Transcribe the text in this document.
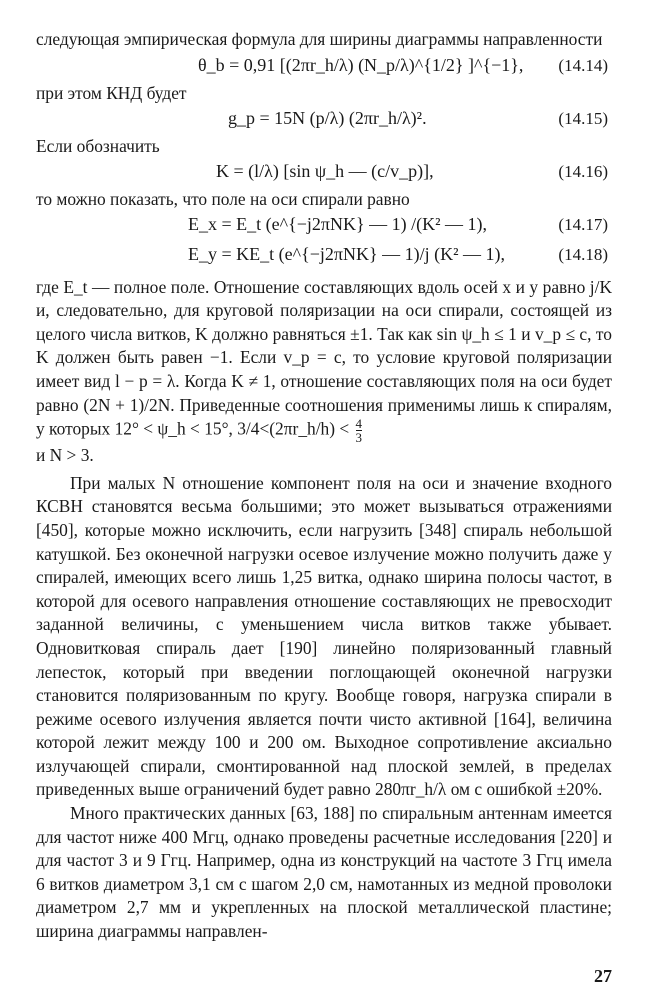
следующая эмпирическая формула для ширины диаграммы направленности

θ_b = 0,91 [(2πr_h/λ) (N_p/λ)^{1/2} ]^{−1}, (14.14)

при этом КНД будет

g_p = 15N (p/λ) (2πr_h/λ)².	(14.15)

Если обозначить

K = (l/λ) [sin ψ_h — (c/v_p)],	(14.16)

то можно показать, что поле на оси спирали равно

E_x = E_t (e^{−j2πNK} — 1) /(K² — 1),	(14.17)
E_y = KE_t (e^{−j2πNK} — 1)/j (K² — 1),	(14.18)

где E_t — полное поле. Отношение составляющих вдоль осей x и y равно j/K и, следовательно, для круговой поляризации на оси спирали, состоящей из целого числа витков, K должно равняться ±1. Так как sin ψ_h ≤ 1 и v_p ≤ c, то K должен быть равен −1. Если v_p = c, то условие круговой поляризации имеет вид l − p = λ. Когда K ≠ 1, отношение составляющих поля на оси будет равно (2N + 1)/2N. Приведенные соотношения применимы лишь к спиралям, у которых 12° < ψ_h < 15°, 3/4<(2πr_h/h) < $\frac{4}{3}$

и N > 3.

При малых N отношение компонент поля на оси и значение входного КСВН становятся весьма большими; это может вызываться отражениями [450], которые можно исключить, если нагрузить [348] спираль небольшой катушкой. Без оконечной нагрузки осевое излучение можно получить даже у спиралей, имеющих всего лишь 1,25 витка, однако ширина полосы частот, в которой для осевого направления отношение составляющих не превосходит заданной величины, с уменьшением числа витков также убывает. Одновитковая спираль дает [190] линейно поляризованный главный лепесток, который при введении поглощающей оконечной нагрузки становится поляризованным по кругу. Вообще говоря, нагрузка спирали в режиме осевого излучения является почти чисто активной [164], величина которой лежит между 100 и 200 ом. Выходное сопротивление аксиально излучающей спирали, смонтированной над плоской землей, в пределах приведенных выше ограничений будет равно 280πr_h/λ ом с ошибкой ±20%.

Много практических данных [63, 188] по спиральным антеннам имеется для частот ниже 400 Мгц, однако проведены расчетные исследования [220] и для частот 3 и 9 Ггц. Например, одна из конструкций на частоте 3 Ггц имела 6 витков диаметром 3,1 см с шагом 2,0 см, намотанных из медной проволоки диаметром 2,7 мм и укрепленных на плоской металлической пластине; ширина диаграммы направлен-

27
